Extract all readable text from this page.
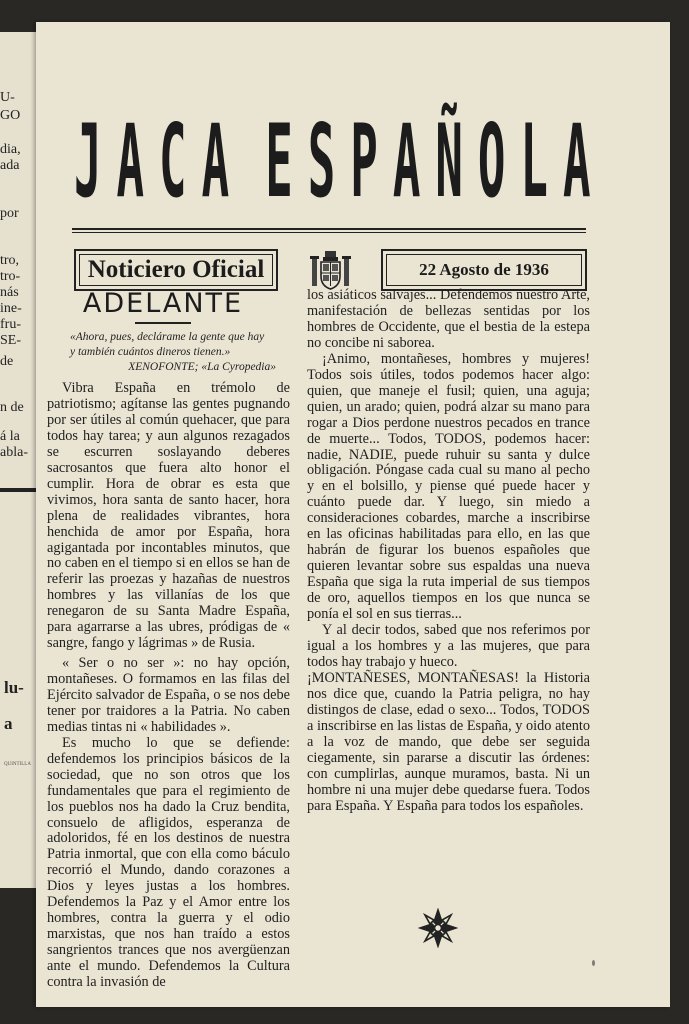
U-
GO
dia,
ada
por
tro,
tro-
nás
ine-
fru-
SE-
de
n de
á la
abla-
lu-
a
QUINTILLA
J A C A E S P A Ñ O L A
Noticiero Oficial	22 Agosto de 1936
ADELANTE
«Ahora, pues, declárame la gente que hay
y también cuántos dineros tienen.»
XENOFONTE; «La Cyropedia»

Vibra España en trémolo de patriotismo; agítanse las gentes pugnando por ser útiles al común quehacer, que para todos hay tarea; y aun algunos rezagados se escurren soslayando deberes sacrosantos que fuera alto honor el cumplir. Hora de obrar es esta que vivimos, hora santa de santo hacer, hora plena de realidades vibrantes, hora henchida de amor por España, hora agigantada por incontables minutos, que no caben en el tiempo si en ellos se han de referir las proezas y hazañas de nuestros hombres y las villanías de los que renegaron de su Santa Madre España, para agarrarse a las ubres, pródigas de « sangre, fango y lágrimas » de Rusia.

« Ser o no ser »: no hay opción, montañeses. O formamos en las filas del Ejército salvador de España, o se nos debe tener por traidores a la Patria. No caben medias tintas ni « habilidades ».

Es mucho lo que se defiende: defendemos los principios básicos de la sociedad, que no son otros que los fundamentales que para el regimiento de los pueblos nos ha dado la Cruz bendita, consuelo de afligidos, esperanza de adoloridos, fé en los destinos de nuestra Patria inmortal, que con ella como báculo recorrió el Mundo, dando corazones a Dios y leyes justas a los hombres. Defendemos la Paz y el Amor entre los hombres, contra la guerra y el odio marxistas, que nos han traído a estos sangrientos trances que nos avergüenzan ante el mundo. Defendemos la Cultura contra la invasión de

los asiáticos salvajes... Defendemos nuestro Arte, manifestación de bellezas sentidas por los hombres de Occidente, que el bestia de la estepa no concibe ni saborea.

¡Animo, montañeses, hombres y mujeres! Todos sois útiles, todos podemos hacer algo: quien, que maneje el fusil; quien, una aguja; quien, un arado; quien, podrá alzar su mano para rogar a Dios perdone nuestros pecados en trance de muerte... Todos, TODOS, podemos hacer: nadie, NADIE, puede ruhuir su santa y dulce obligación. Póngase cada cual su mano al pecho y en el bolsillo, y piense qué puede hacer y cuánto puede dar. Y luego, sin miedo a consideraciones cobardes, marche a inscribirse en las oficinas habilitadas para ello, en las que habrán de figurar los buenos españoles que quieren levantar sobre sus espaldas una nueva España que siga la ruta imperial de sus tiempos de oro, aquellos tiempos en los que nunca se ponía el sol en sus tierras...

Y al decir todos, sabed que nos referimos por igual a los hombres y a las mujeres, que para todos hay trabajo y hueco.

¡MONTAÑESES, MONTAÑESAS! la Historia nos dice que, cuando la Patria peligra, no hay distingos de clase, edad o sexo... Todos, TODOS a inscribirse en las listas de España, y oido atento a la voz de mando, que debe ser seguida ciegamente, sin pararse a discutir las órdenes: con cumplirlas, aunque muramos, basta. Ni un hombre ni una mujer debe quedarse fuera. Todos para España. Y España para todos los españoles.
